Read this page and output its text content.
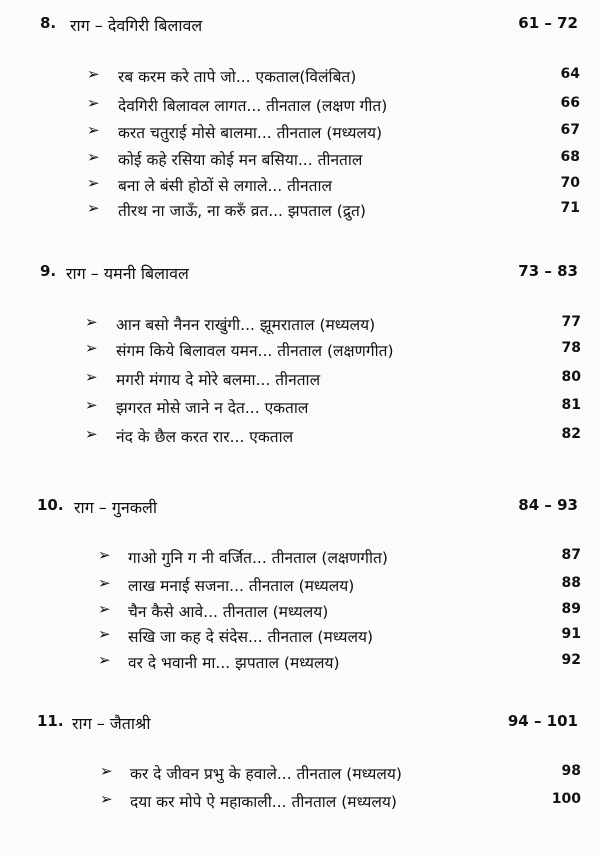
8. राग – देवगिरी बिलावल	61 – 72
➢ रब करम करे तापे जो... एकताल(विलंबित)	64
➢ देवगिरी बिलावल लागत... तीनताल (लक्षण गीत)	66
➢ करत चतुराई मोसे बालमा... तीनताल (मध्यलय)	67
➢ कोई कहे रसिया कोई मन बसिया... तीनताल	68
➢ बना ले बंसी होठों से लगाले... तीनताल	70
➢ तीरथ ना जाऊँ, ना करुँ व्रत... झपताल (द्रुत)	71
9. राग – यमनी बिलावल	73 – 83
➢ आन बसो नैनन राखुंगी... झूमराताल (मध्यलय)	77
➢ संगम किये बिलावल यमन... तीनताल (लक्षणगीत)	78
➢ मगरी मंगाय दे मोरे बलमा... तीनताल	80
➢ झगरत मोसे जाने न देत... एकताल	81
➢ नंद के छैल करत रार... एकताल	82
10. राग – गुनकली	84 – 93
➢ गाओ गुनि ग नी वर्जित... तीनताल (लक्षणगीत)	87
➢ लाख मनाई सजना... तीनताल (मध्यलय)	88
➢ चैन कैसे आवे... तीनताल (मध्यलय)	89
➢ सखि जा कह दे संदेस... तीनताल (मध्यलय)	91
➢ वर दे भवानी मा... झपताल (मध्यलय)	92
11. राग – जैताश्री	94 – 101
➢ कर दे जीवन प्रभु के हवाले... तीनताल (मध्यलय)	98
➢ दया कर मोपे ऐ महाकाली... तीनताल (मध्यलय)	100
